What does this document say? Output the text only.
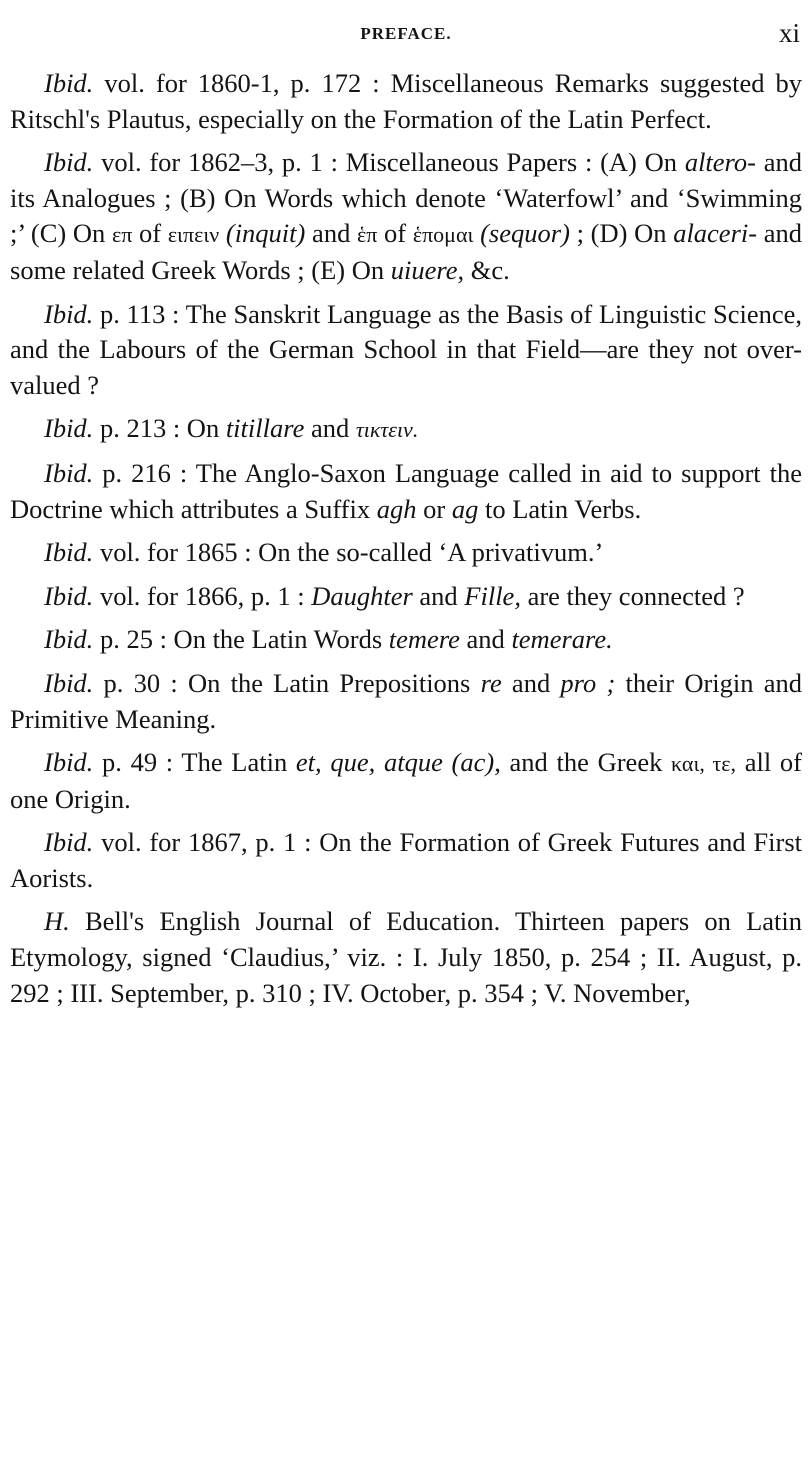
PREFACE.	xi

Ibid. vol. for 1860-1, p. 172 : Miscellaneous Remarks suggested by Ritschl's Plautus, especially on the Formation of the Latin Perfect.

Ibid. vol. for 1862–3, p. 1 : Miscellaneous Papers : (A) On altero- and its Analogues ; (B) On Words which denote ‘Waterfowl’ and ‘Swimming ;’ (C) On επ of ειπειν (inquit) and ἑπ of ἑπομαι (sequor) ; (D) On alaceri- and some related Greek Words ; (E) On uiuere, &c.

Ibid. p. 113 : The Sanskrit Language as the Basis of Linguistic Science, and the Labours of the German School in that Field—are they not over-valued ?

Ibid. p. 213 : On titillare and τικτειν.

Ibid. p. 216 : The Anglo-Saxon Language called in aid to support the Doctrine which attributes a Suffix agh or ag to Latin Verbs.

Ibid. vol. for 1865 : On the so-called ‘A privativum.’

Ibid. vol. for 1866, p. 1 : Daughter and Fille, are they connected ?

Ibid. p. 25 : On the Latin Words temere and temerare.

Ibid. p. 30 : On the Latin Prepositions re and pro ; their Origin and Primitive Meaning.

Ibid. p. 49 : The Latin et, que, atque (ac), and the Greek και, τε, all of one Origin.

Ibid. vol. for 1867, p. 1 : On the Formation of Greek Futures and First Aorists.

H. Bell's English Journal of Education. Thirteen papers on Latin Etymology, signed ‘Claudius,’ viz. : I. July 1850, p. 254 ; II. August, p. 292 ; III. September, p. 310 ; IV. October, p. 354 ; V. November,
